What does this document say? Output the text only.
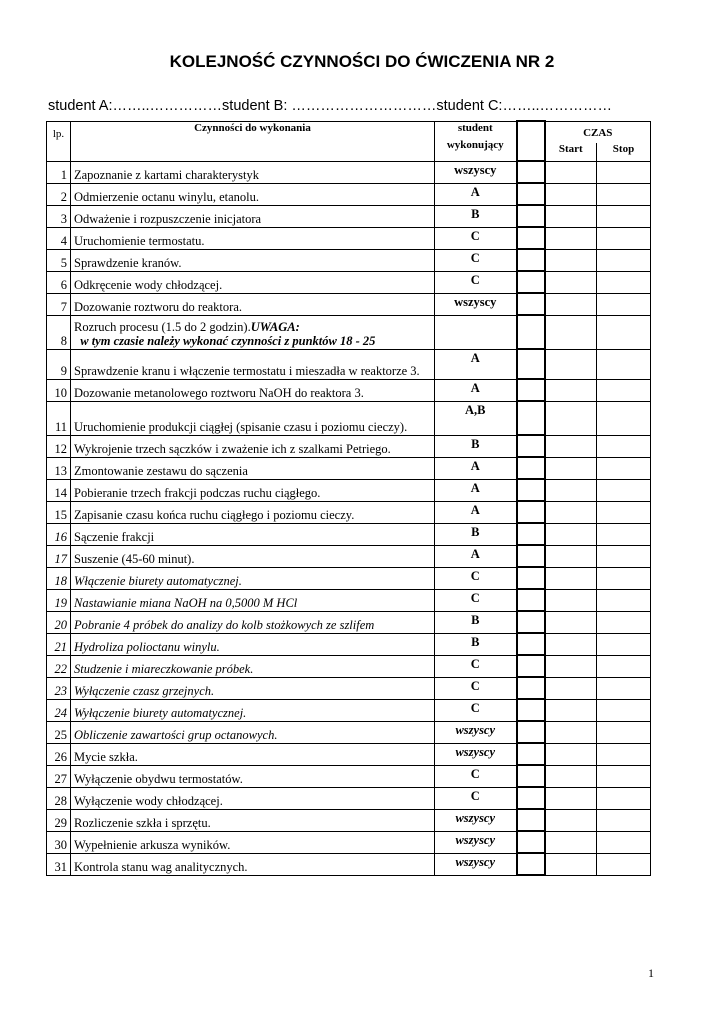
KOLEJNOŚĆ CZYNNOŚCI DO ĆWICZENIA NR 2
student A:……..……………student B: …………………………student C:……..……………
lp.	Czynności do wykonania	student
wykonujący		CZAS	
				Start	Stop
1	Zapoznanie z kartami charakterystyk	wszyscy			
2	Odmierzenie octanu winylu, etanolu.	A			
3	Odważenie i rozpuszczenie inicjatora	B			
4	Uruchomienie termostatu.	C			
5	Sprawdzenie kranów.	C			
6	Odkręcenie wody chłodzącej.	C			
7	Dozowanie roztworu do reaktora.	wszyscy			
8	Rozruch procesu (1.5 do 2 godzin).UWAGA:
w tym czasie należy wykonać czynności z punktów 18 - 25				

9	Sprawdzenie kranu i włączenie termostatu i mieszadła w reaktorze 3.	A			
10	Dozowanie metanolowego roztworu NaOH do reaktora 3.	A			
11	Uruchomienie produkcji ciągłej (spisanie czasu i poziomu cieczy).	A,B			
12	Wykrojenie trzech sączków i zważenie ich z szalkami Petriego.	B			
13	Zmontowanie zestawu do sączenia	A			
14	Pobieranie trzech frakcji podczas ruchu ciągłego.	A			
15	Zapisanie czasu końca ruchu ciągłego i poziomu cieczy.	A			
16	Sączenie frakcji	B			
17	Suszenie (45-60 minut).	A			
18	Włączenie biurety automatycznej.	C			
19	Nastawianie miana NaOH na 0,5000 M HCl	C			
20	Pobranie 4 próbek do analizy do kolb stożkowych ze szlifem	B			
21	Hydroliza polioctanu winylu.	B			
22	Studzenie i miareczkowanie próbek.	C			
23	Wyłączenie czasz grzejnych.	C			
24	Wyłączenie biurety automatycznej.	C			
25	Obliczenie zawartości grup octanowych.	wszyscy			
26	Mycie szkła.	wszyscy			
27	Wyłączenie obydwu termostatów.	C			
28	Wyłączenie wody chłodzącej.	C			
29	Rozliczenie szkła i sprzętu.	wszyscy			
30	Wypełnienie arkusza wyników.	wszyscy			
31	Kontrola stanu wag analitycznych.	wszyscy			
1
